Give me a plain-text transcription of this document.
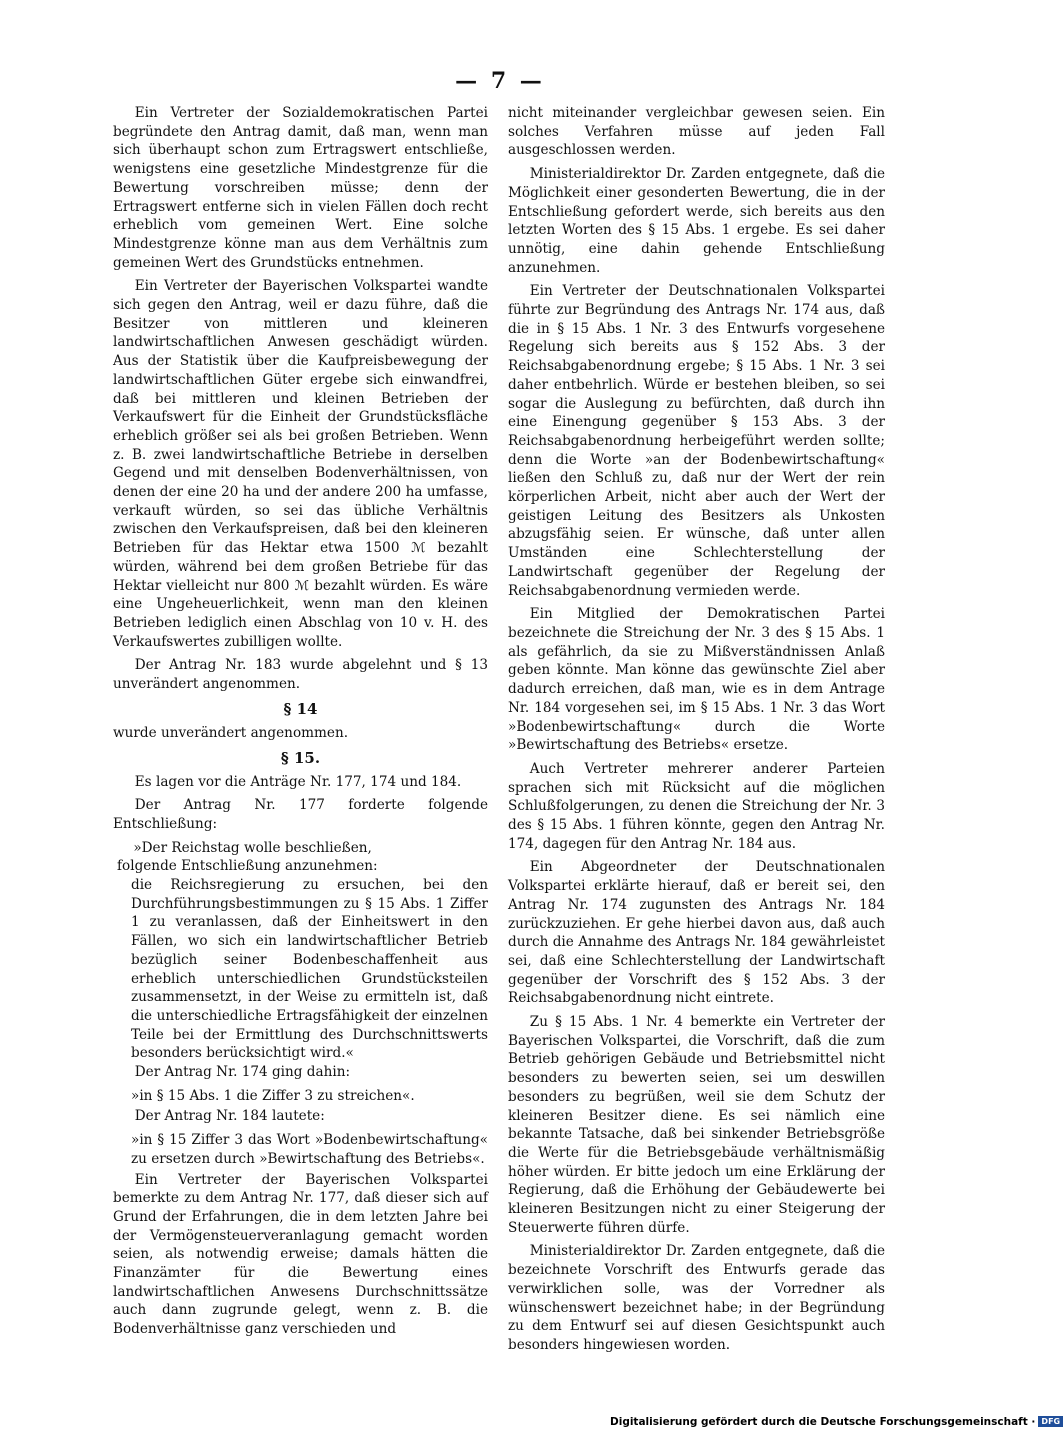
— 7 —

Ein Vertreter der Sozialdemokratischen Partei begründete den Antrag damit, daß man, wenn man sich überhaupt schon zum Ertragswert entschließe, wenigstens eine gesetzliche Mindestgrenze für die Bewertung vorschreiben müsse; denn der Ertragswert entferne sich in vielen Fällen doch recht erheblich vom gemeinen Wert. Eine solche Mindestgrenze könne man aus dem Verhältnis zum gemeinen Wert des Grundstücks entnehmen.

Ein Vertreter der Bayerischen Volkspartei wandte sich gegen den Antrag, weil er dazu führe, daß die Besitzer von mittleren und kleineren landwirtschaftlichen Anwesen geschädigt würden. Aus der Statistik über die Kaufpreisbewegung der landwirtschaftlichen Güter ergebe sich einwandfrei, daß bei mittleren und kleinen Betrieben der Verkaufswert für die Einheit der Grundstücksfläche erheblich größer sei als bei großen Betrieben. Wenn z. B. zwei landwirtschaftliche Betriebe in derselben Gegend und mit denselben Bodenverhältnissen, von denen der eine 20 ha und der andere 200 ha umfasse, verkauft würden, so sei das übliche Verhältnis zwischen den Verkaufspreisen, daß bei den kleineren Betrieben für das Hektar etwa 1500 ℳ bezahlt würden, während bei dem großen Betriebe für das Hektar vielleicht nur 800 ℳ bezahlt würden. Es wäre eine Ungeheuerlichkeit, wenn man den kleinen Betrieben lediglich einen Abschlag von 10 v. H. des Verkaufswertes zubilligen wollte.

Der Antrag Nr. 183 wurde abgelehnt und § 13 unverändert angenommen.

§ 14

wurde unverändert angenommen.

§ 15.

Es lagen vor die Anträge Nr. 177, 174 und 184.

Der Antrag Nr. 177 forderte folgende Entschließung:

»Der Reichstag wolle beschließen,

folgende Entschließung anzunehmen:

die Reichsregierung zu ersuchen, bei den Durchführungsbestimmungen zu § 15 Abs. 1 Ziffer 1 zu veranlassen, daß der Einheitswert in den Fällen, wo sich ein landwirtschaftlicher Betrieb bezüglich seiner Bodenbeschaffenheit aus erheblich unterschiedlichen Grundstücksteilen zusammensetzt, in der Weise zu ermitteln ist, daß die unterschiedliche Ertragsfähigkeit der einzelnen Teile bei der Ermittlung des Durchschnittswerts besonders berücksichtigt wird.«

Der Antrag Nr. 174 ging dahin:

»in § 15 Abs. 1 die Ziffer 3 zu streichen«.

Der Antrag Nr. 184 lautete:

»in § 15 Ziffer 3 das Wort »Bodenbewirtschaftung« zu ersetzen durch »Bewirtschaftung des Betriebs«.

Ein Vertreter der Bayerischen Volkspartei bemerkte zu dem Antrag Nr. 177, daß dieser sich auf Grund der Erfahrungen, die in dem letzten Jahre bei der Vermögensteuerveranlagung gemacht worden seien, als notwendig erweise; damals hätten die Finanzämter für die Bewertung eines landwirtschaftlichen Anwesens Durchschnittssätze auch dann zugrunde gelegt, wenn z. B. die Bodenverhältnisse ganz verschieden und

nicht miteinander vergleichbar gewesen seien. Ein solches Verfahren müsse auf jeden Fall ausgeschlossen werden.

Ministerialdirektor Dr. Zarden entgegnete, daß die Möglichkeit einer gesonderten Bewertung, die in der Entschließung gefordert werde, sich bereits aus den letzten Worten des § 15 Abs. 1 ergebe. Es sei daher unnötig, eine dahin gehende Entschließung anzunehmen.

Ein Vertreter der Deutschnationalen Volkspartei führte zur Begründung des Antrags Nr. 174 aus, daß die in § 15 Abs. 1 Nr. 3 des Entwurfs vorgesehene Regelung sich bereits aus § 152 Abs. 3 der Reichsabgabenordnung ergebe; § 15 Abs. 1 Nr. 3 sei daher entbehrlich. Würde er bestehen bleiben, so sei sogar die Auslegung zu befürchten, daß durch ihn eine Einengung gegenüber § 153 Abs. 3 der Reichsabgabenordnung herbeigeführt werden sollte; denn die Worte »an der Bodenbewirtschaftung« ließen den Schluß zu, daß nur der Wert der rein körperlichen Arbeit, nicht aber auch der Wert der geistigen Leitung des Besitzers als Unkosten abzugsfähig seien. Er wünsche, daß unter allen Umständen eine Schlechterstellung der Landwirtschaft gegenüber der Regelung der Reichsabgabenordnung vermieden werde.

Ein Mitglied der Demokratischen Partei bezeichnete die Streichung der Nr. 3 des § 15 Abs. 1 als gefährlich, da sie zu Mißverständnissen Anlaß geben könnte. Man könne das gewünschte Ziel aber dadurch erreichen, daß man, wie es in dem Antrage Nr. 184 vorgesehen sei, im § 15 Abs. 1 Nr. 3 das Wort »Bodenbewirtschaftung« durch die Worte »Bewirtschaftung des Betriebs« ersetze.

Auch Vertreter mehrerer anderer Parteien sprachen sich mit Rücksicht auf die möglichen Schlußfolgerungen, zu denen die Streichung der Nr. 3 des § 15 Abs. 1 führen könnte, gegen den Antrag Nr. 174, dagegen für den Antrag Nr. 184 aus.

Ein Abgeordneter der Deutschnationalen Volkspartei erklärte hierauf, daß er bereit sei, den Antrag Nr. 174 zugunsten des Antrags Nr. 184 zurückzuziehen. Er gehe hierbei davon aus, daß auch durch die Annahme des Antrags Nr. 184 gewährleistet sei, daß eine Schlechterstellung der Landwirtschaft gegenüber der Vorschrift des § 152 Abs. 3 der Reichsabgabenordnung nicht eintrete.

Zu § 15 Abs. 1 Nr. 4 bemerkte ein Vertreter der Bayerischen Volkspartei, die Vorschrift, daß die zum Betrieb gehörigen Gebäude und Betriebsmittel nicht besonders zu bewerten seien, sei um deswillen besonders zu begrüßen, weil sie dem Schutz der kleineren Besitzer diene. Es sei nämlich eine bekannte Tatsache, daß bei sinkender Betriebsgröße die Werte für die Betriebsgebäude verhältnismäßig höher würden. Er bitte jedoch um eine Erklärung der Regierung, daß die Erhöhung der Gebäudewerte bei kleineren Besitzungen nicht zu einer Steigerung der Steuerwerte führen dürfe.

Ministerialdirektor Dr. Zarden entgegnete, daß die bezeichnete Vorschrift des Entwurfs gerade das verwirklichen solle, was der Vorredner als wünschenswert bezeichnet habe; in der Begründung zu dem Entwurf sei auf diesen Gesichtspunkt auch besonders hingewiesen worden.

Digitalisierung gefördert durch die Deutsche Forschungsgemeinschaft · DFG
